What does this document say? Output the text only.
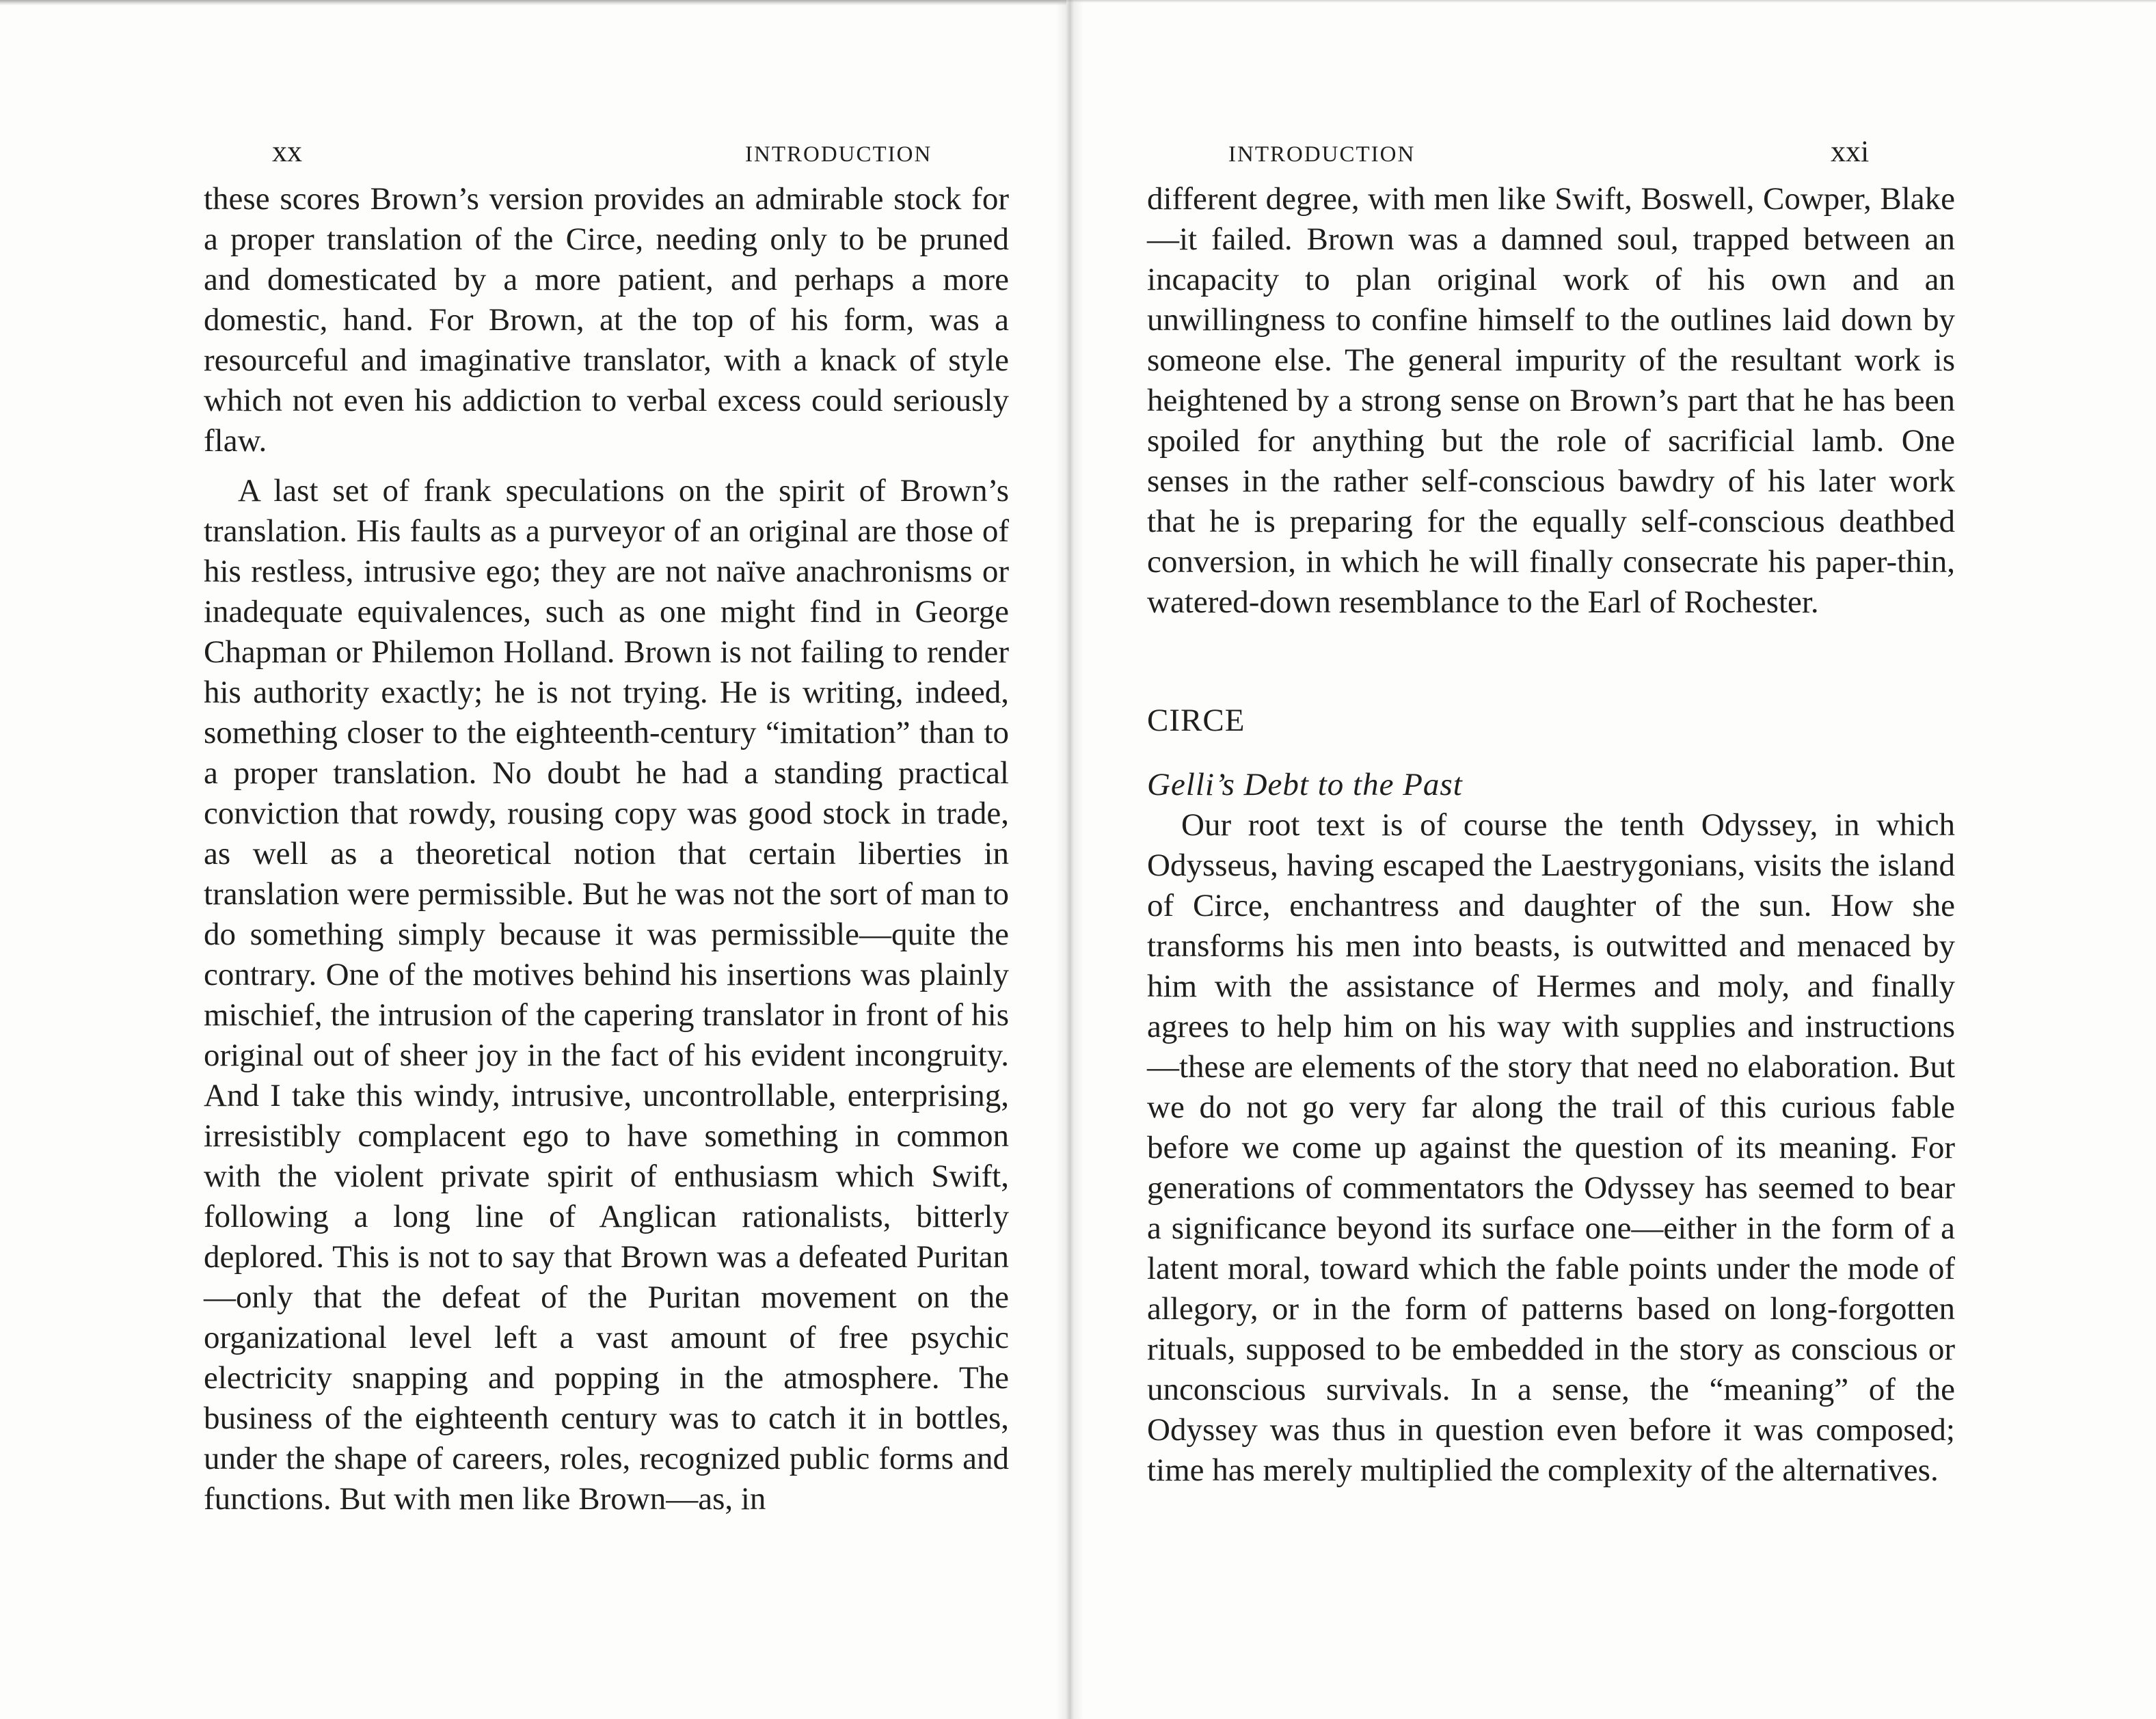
xx	INTRODUCTION

these scores Brown’s version provides an admirable stock for a proper translation of the Circe, needing only to be pruned and domesticated by a more patient, and perhaps a more domestic, hand. For Brown, at the top of his form, was a resourceful and imaginative translator, with a knack of style which not even his addiction to verbal excess could seriously flaw.

A last set of frank speculations on the spirit of Brown’s translation. His faults as a purveyor of an original are those of his restless, intrusive ego; they are not naïve anachronisms or inadequate equivalences, such as one might find in George Chapman or Philemon Holland. Brown is not failing to render his authority exactly; he is not trying. He is writing, indeed, something closer to the eighteenth-century “imitation” than to a proper translation. No doubt he had a standing practical conviction that rowdy, rousing copy was good stock in trade, as well as a theoretical notion that certain liberties in translation were permissible. But he was not the sort of man to do something simply because it was permissible—quite the contrary. One of the motives behind his insertions was plainly mischief, the intrusion of the capering translator in front of his original out of sheer joy in the fact of his evident incongruity. And I take this windy, intrusive, uncontrollable, enterprising, irresistibly complacent ego to have something in common with the violent private spirit of enthusiasm which Swift, following a long line of Anglican rationalists, bitterly deplored. This is not to say that Brown was a defeated Puritan—only that the defeat of the Puritan movement on the organizational level left a vast amount of free psychic electricity snapping and popping in the atmosphere. The business of the eighteenth century was to catch it in bottles, under the shape of careers, roles, recognized public forms and functions. But with men like Brown—as, in

INTRODUCTION	xxi

different degree, with men like Swift, Boswell, Cowper, Blake—it failed. Brown was a damned soul, trapped between an incapacity to plan original work of his own and an unwillingness to confine himself to the outlines laid down by someone else. The general impurity of the resultant work is heightened by a strong sense on Brown’s part that he has been spoiled for anything but the role of sacrificial lamb. One senses in the rather self-conscious bawdry of his later work that he is preparing for the equally self-conscious deathbed conversion, in which he will finally consecrate his paper-thin, watered-down resemblance to the Earl of Rochester.

CIRCE

Gelli’s Debt to the Past

Our root text is of course the tenth Odyssey, in which Odysseus, having escaped the Laestrygonians, visits the island of Circe, enchantress and daughter of the sun. How she transforms his men into beasts, is outwitted and menaced by him with the assistance of Hermes and moly, and finally agrees to help him on his way with supplies and instructions —these are elements of the story that need no elaboration. But we do not go very far along the trail of this curious fable before we come up against the question of its meaning. For generations of commentators the Odyssey has seemed to bear a significance beyond its surface one—either in the form of a latent moral, toward which the fable points under the mode of allegory, or in the form of patterns based on long-forgotten rituals, supposed to be embedded in the story as conscious or unconscious survivals. In a sense, the “meaning” of the Odyssey was thus in question even before it was composed; time has merely multiplied the complexity of the alternatives.
